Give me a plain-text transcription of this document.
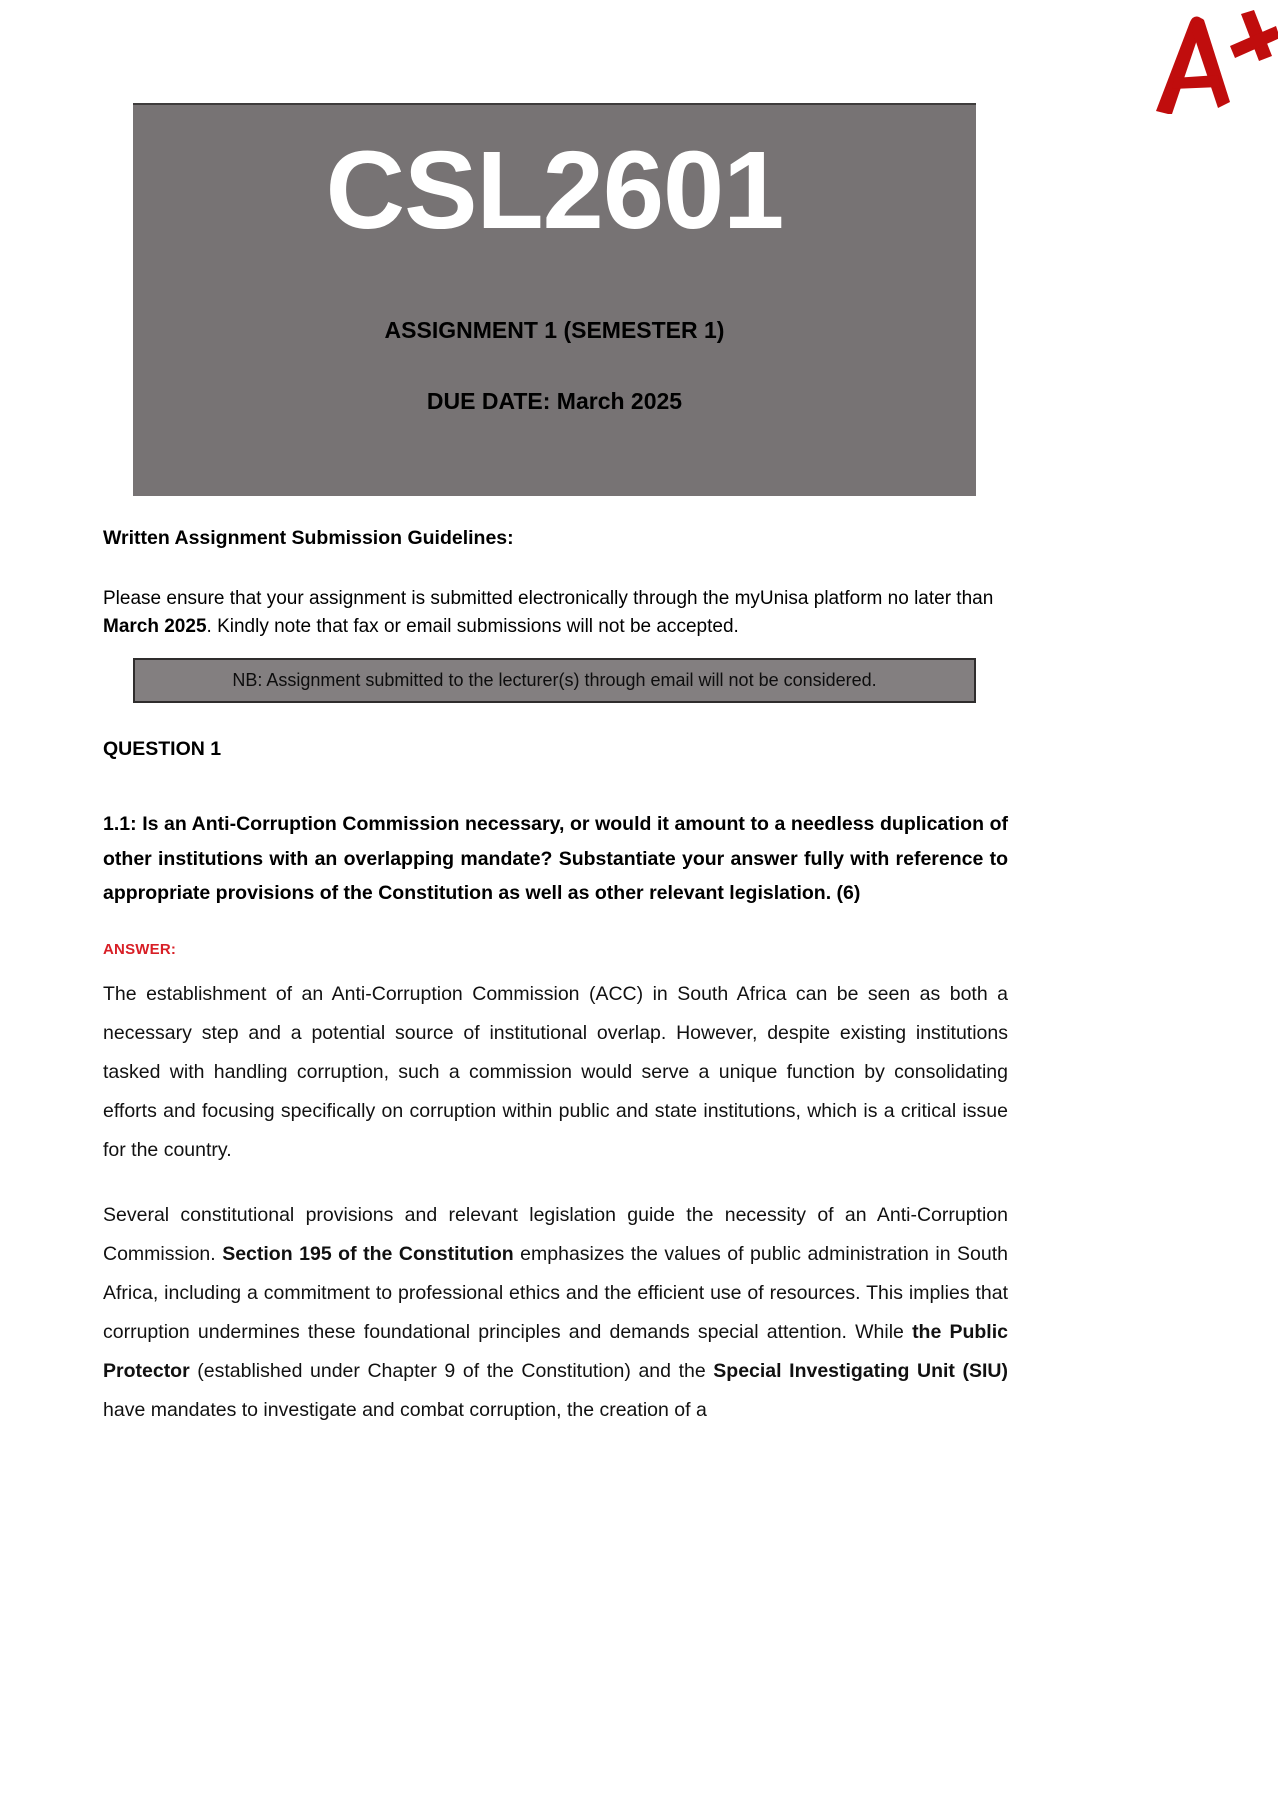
CSL2601
ASSIGNMENT 1 (SEMESTER 1)
DUE DATE: March 2025

Written Assignment Submission Guidelines:

Please ensure that your assignment is submitted electronically through the myUnisa platform no later than March 2025. Kindly note that fax or email submissions will not be accepted.

NB: Assignment submitted to the lecturer(s) through email will not be considered.

QUESTION 1

1.1: Is an Anti-Corruption Commission necessary, or would it amount to a needless duplication of other institutions with an overlapping mandate? Substantiate your answer fully with reference to appropriate provisions of the Constitution as well as other relevant legislation. (6)

ANSWER:

The establishment of an Anti-Corruption Commission (ACC) in South Africa can be seen as both a necessary step and a potential source of institutional overlap. However, despite existing institutions tasked with handling corruption, such a commission would serve a unique function by consolidating efforts and focusing specifically on corruption within public and state institutions, which is a critical issue for the country.

Several constitutional provisions and relevant legislation guide the necessity of an Anti-Corruption Commission. Section 195 of the Constitution emphasizes the values of public administration in South Africa, including a commitment to professional ethics and the efficient use of resources. This implies that corruption undermines these foundational principles and demands special attention. While the Public Protector (established under Chapter 9 of the Constitution) and the Special Investigating Unit (SIU) have mandates to investigate and combat corruption, the creation of a
